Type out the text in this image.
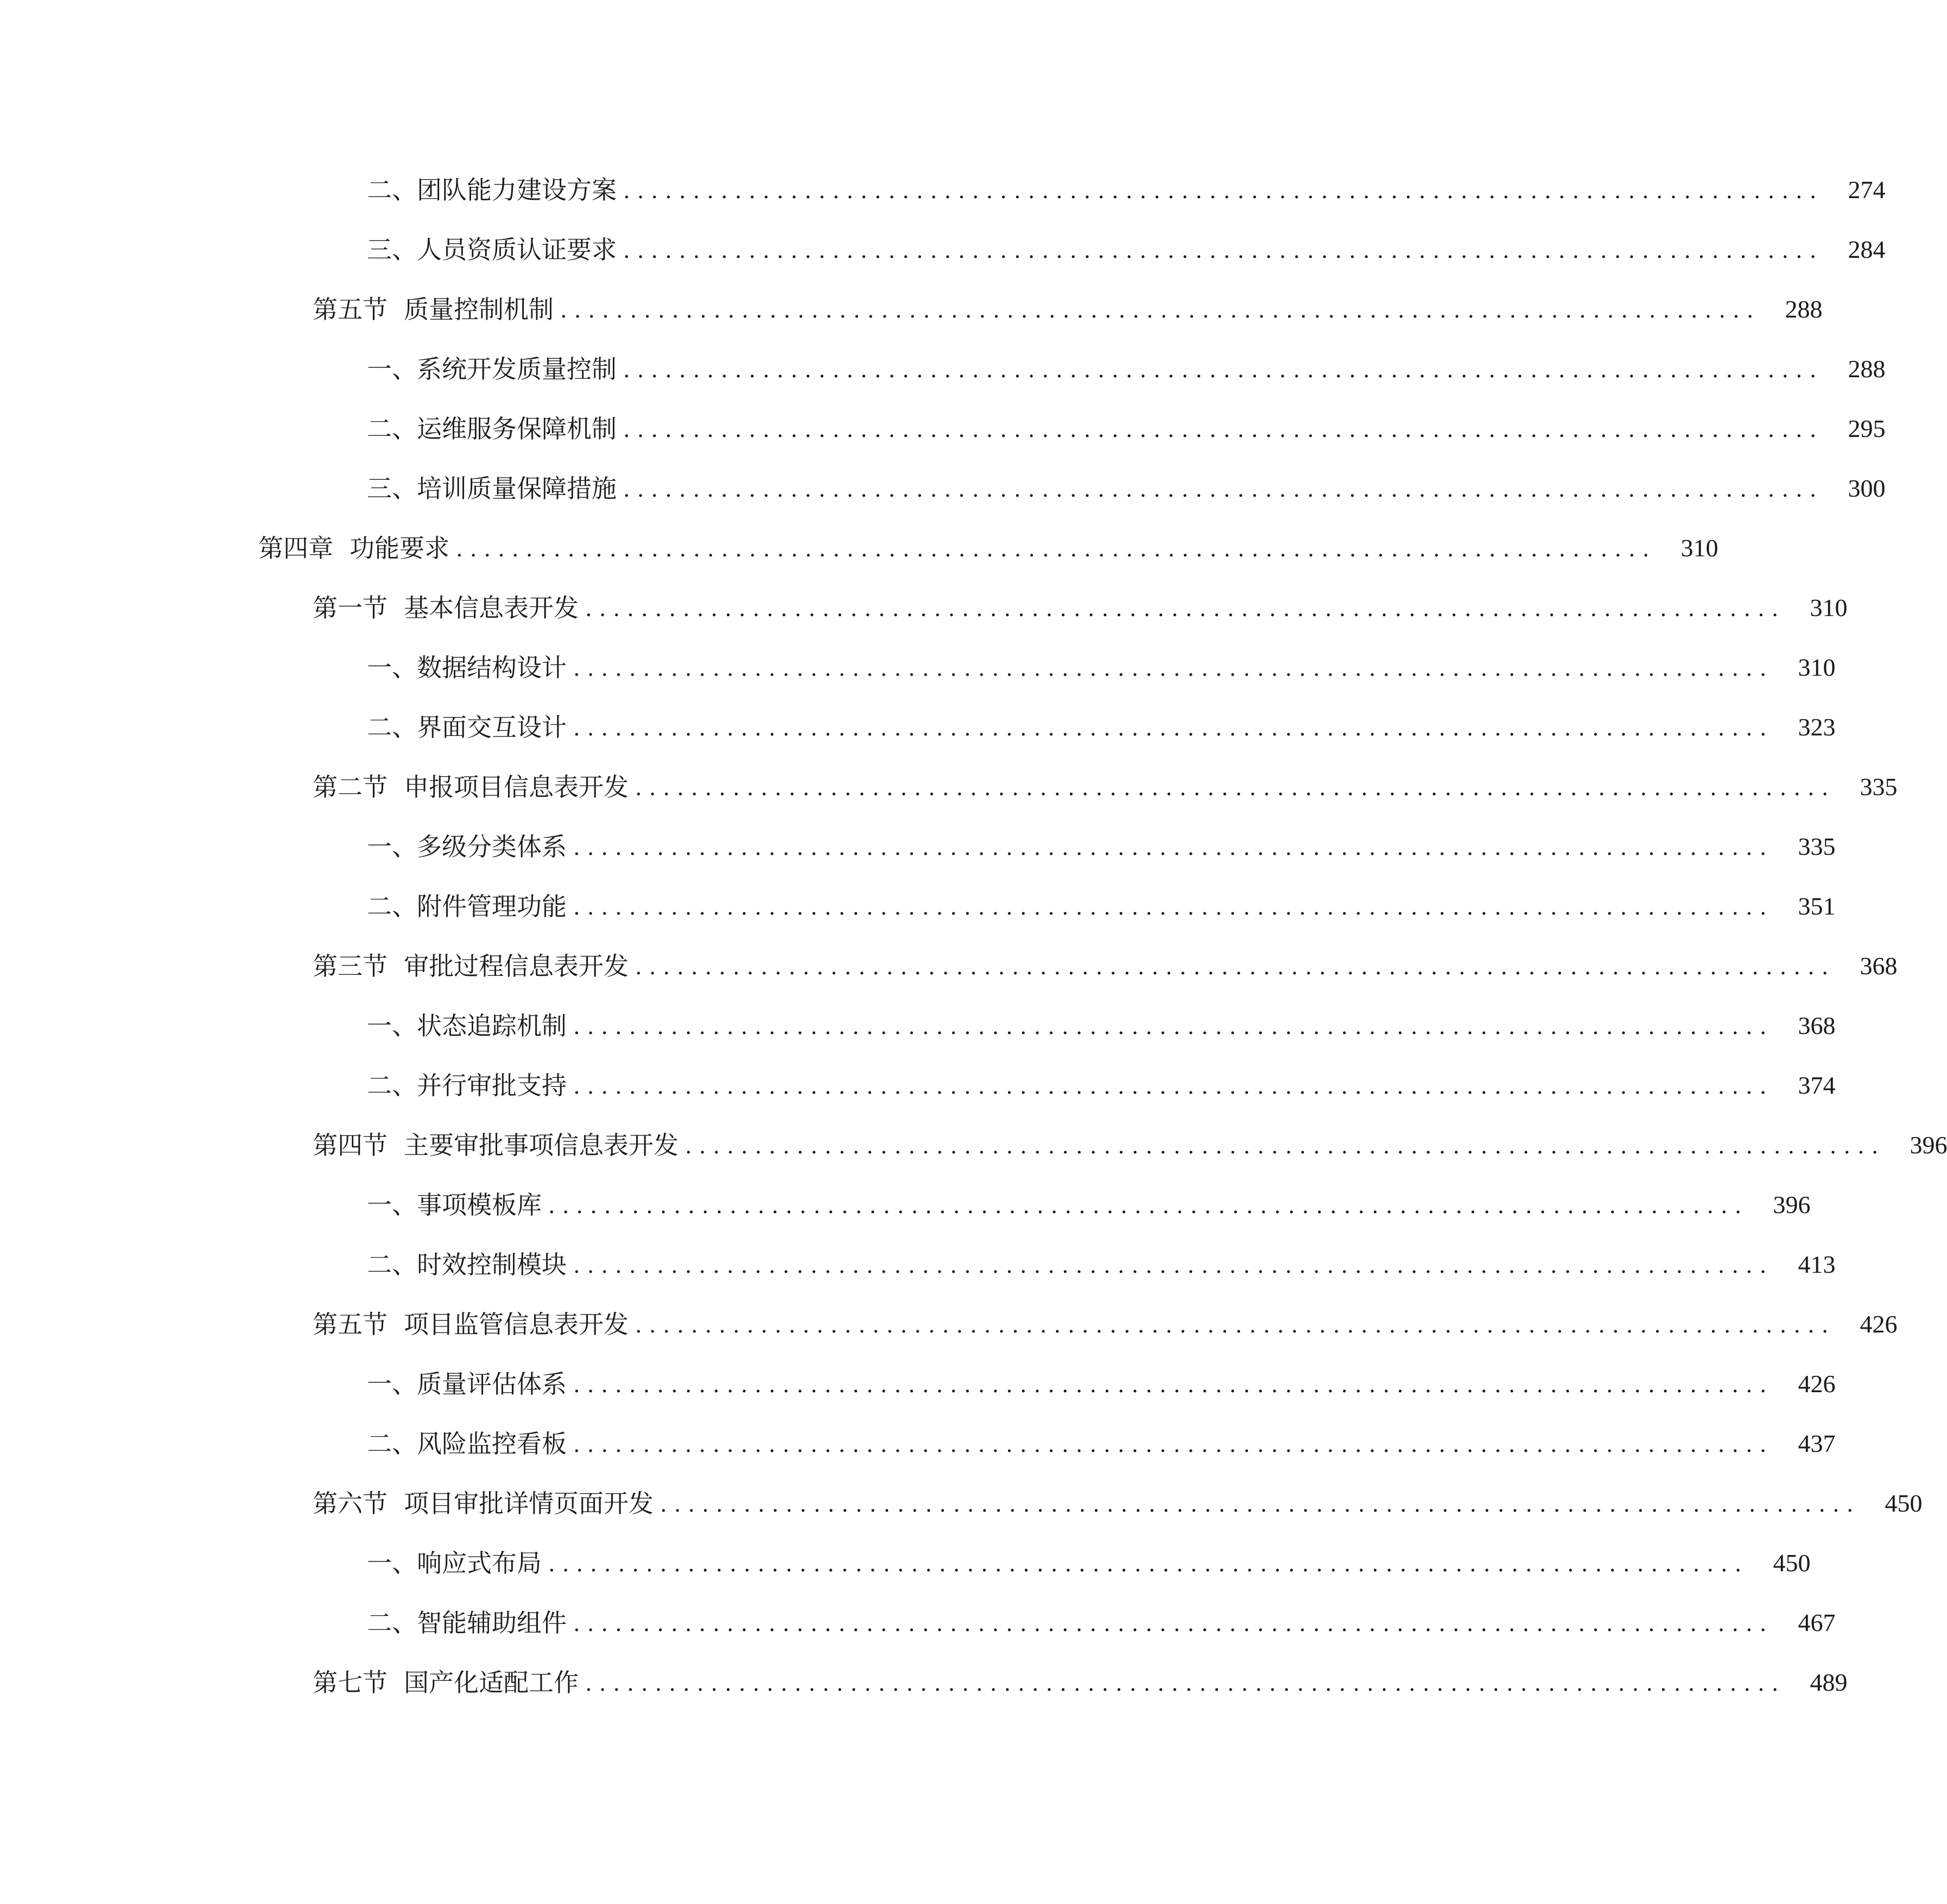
二、 团队能力建设方案 ...................................................................................... 274
三、 人员资质认证要求 ...................................................................................... 284
第五节 质量控制机制 ...................................................................................... 288
一、 系统开发质量控制 ...................................................................................... 288
二、 运维服务保障机制 ...................................................................................... 295
三、 培训质量保障措施 ...................................................................................... 300
第四章 功能要求 ...................................................................................... 310
第一节 基本信息表开发 ...................................................................................... 310
一、 数据结构设计 ...................................................................................... 310
二、 界面交互设计 ...................................................................................... 323
第二节 申报项目信息表开发 ...................................................................................... 335
一、 多级分类体系 ...................................................................................... 335
二、 附件管理功能 ...................................................................................... 351
第三节 审批过程信息表开发 ...................................................................................... 368
一、 状态追踪机制 ...................................................................................... 368
二、 并行审批支持 ...................................................................................... 374
第四节 主要审批事项信息表开发 ...................................................................................... 396
一、 事项模板库 ...................................................................................... 396
二、 时效控制模块 ...................................................................................... 413
第五节 项目监管信息表开发 ...................................................................................... 426
一、 质量评估体系 ...................................................................................... 426
二、 风险监控看板 ...................................................................................... 437
第六节 项目审批详情页面开发 ...................................................................................... 450
一、 响应式布局 ...................................................................................... 450
二、 智能辅助组件 ...................................................................................... 467
第七节 国产化适配工作 ...................................................................................... 489
